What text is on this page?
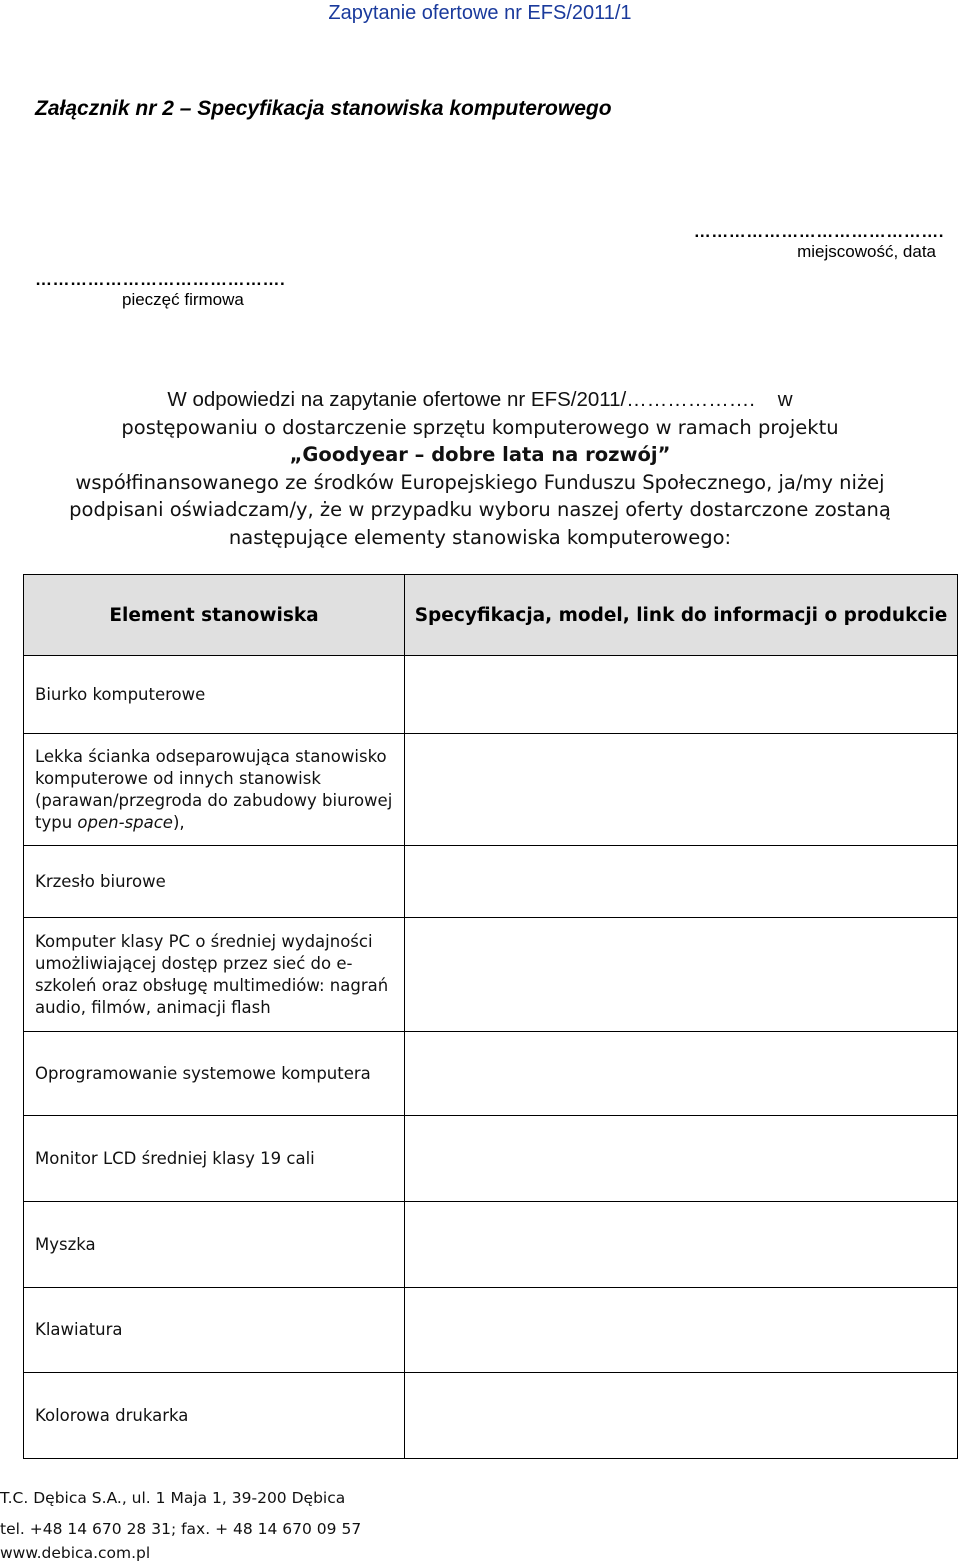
Zapytanie ofertowe nr EFS/2011/1
Załącznik nr 2 – Specyfikacja stanowiska komputerowego
…………………………………….
miejscowość, data
…………………………………….
pieczęć firmowa
W odpowiedzi na zapytanie ofertowe nr EFS/2011/………………. w
postępowaniu o dostarczenie sprzętu komputerowego w ramach projektu
„Goodyear – dobre lata na rozwój”
współfinansowanego ze środków Europejskiego Funduszu Społecznego, ja/my niżej
podpisani oświadczam/y, że w przypadku wyboru naszej oferty dostarczone zostaną
następujące elementy stanowiska komputerowego:
Element stanowiska	Specyfikacja, model, link do informacji o produkcie
Biurko komputerowe	
Lekka ścianka odseparowująca stanowisko komputerowe od innych stanowisk (parawan/przegroda do zabudowy biurowej typu open-space),	
Krzesło biurowe	
Komputer klasy PC o średniej wydajności umożliwiającej dostęp przez sieć do e-szkoleń oraz obsługę multimediów: nagrań audio, filmów, animacji flash	
Oprogramowanie systemowe komputera	
Monitor LCD średniej klasy 19 cali	
Myszka	
Klawiatura	
Kolorowa drukarka	
T.C. Dębica S.A., ul. 1 Maja 1, 39-200 Dębica
tel. +48 14 670 28 31; fax. + 48 14 670 09 57
www.debica.com.pl
